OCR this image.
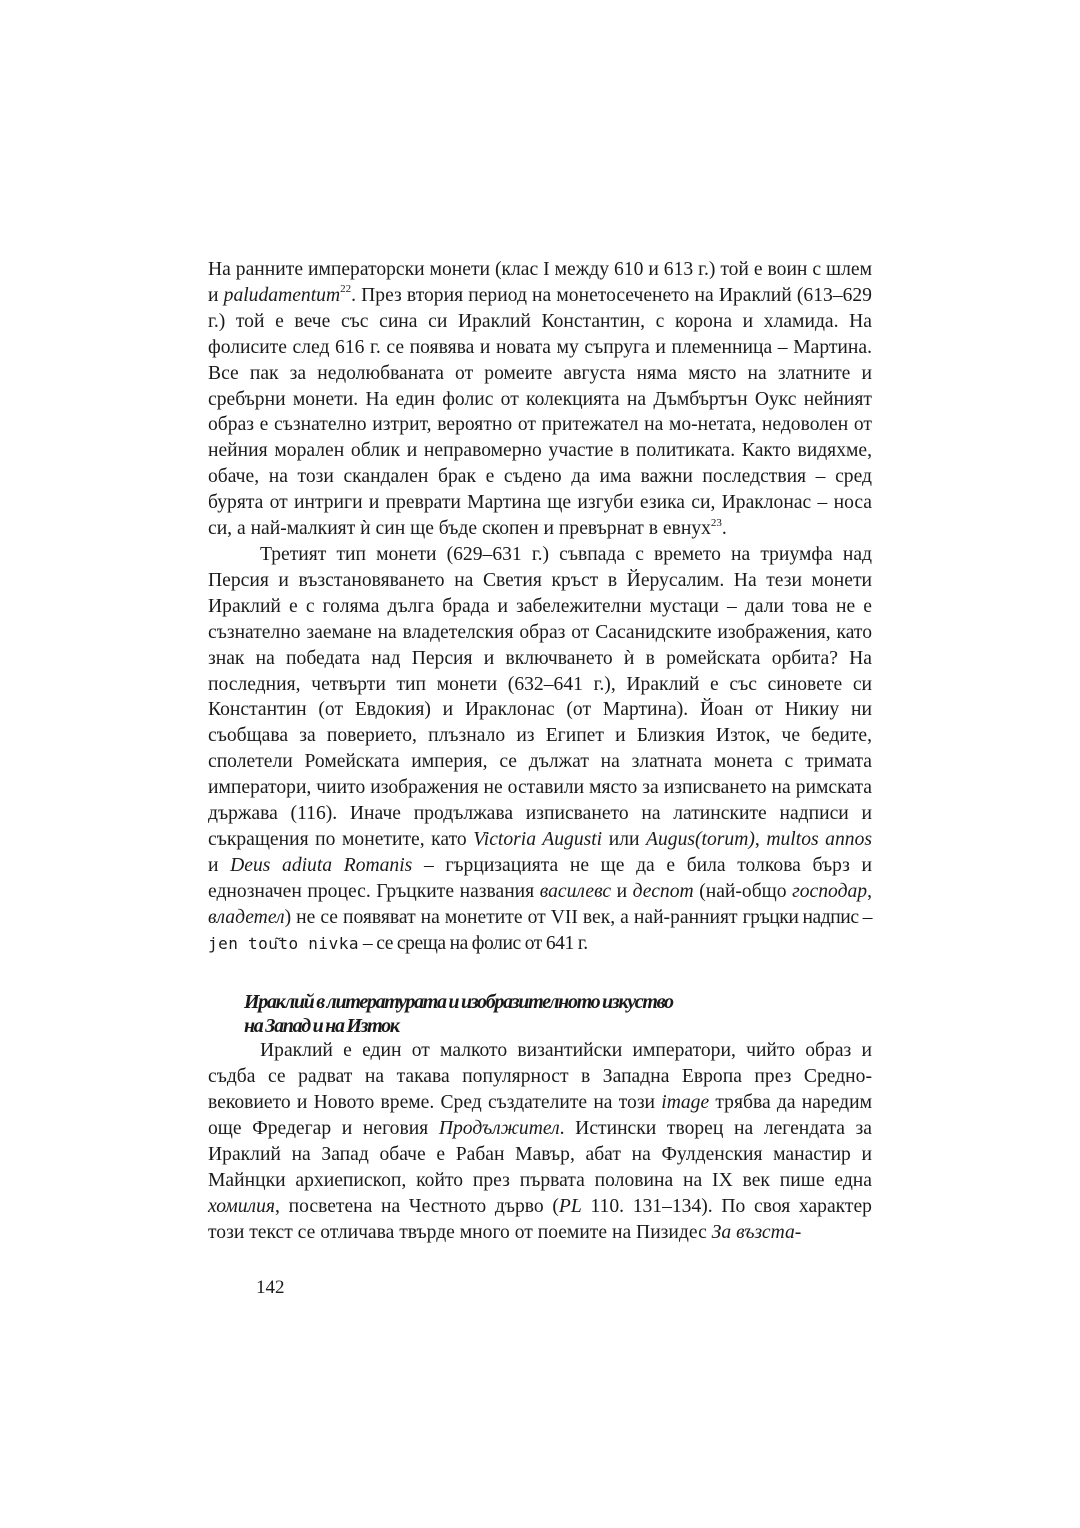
На ранните императорски монети (клас I между 610 и 613 г.) той е воин с шлем и paludamentum$^{22}$. През втория период на монетосеченето на Ираклий (613–629 г.) той е вече със сина си Ираклий Константин, с корона и хламида. На фолисите след 616 г. се появява и новата му съпруга и племенница – Мартина. Все пак за недолюбваната от ромеите августа няма място на златните и сребърни монети. На един фолис от колекцията на Дъмбъртън Оукс нейният образ е съзнателно изтрит, вероятно от притежател на мо-нетата, недоволен от нейния морален облик и неправомерно участие в политиката. Както видяхме, обаче, на този скандален брак е съдено да има важни последствия – сред бурята от интриги и преврати Мартина ще изгуби езика си, Ираклонас – носа си, а най-малкият ѝ син ще бъде скопен и превърнат в евнух$^{23}$.

Третият тип монети (629–631 г.) съвпада с времето на триумфа над Персия и възстановяването на Светия кръст в Йерусалим. На тези монети Ираклий е с голяма дълга брада и забележителни мустаци – дали това не е съзнателно заемане на владетелския образ от Сасанидските изображения, като знак на победата над Персия и включването ѝ в ромейската орбита? На последния, четвърти тип монети (632–641 г.), Ираклий е със синовете си Константин (от Евдокия) и Ираклонас (от Мартина). Йоан от Никиу ни съобщава за поверието, плъзнало из Египет и Близкия Изток, че бедите, сполетели Ромейската империя, се дължат на златната монета с тримата императори, чиито изображения не оставили място за изписването на римската държава (116). Иначе продължава изписването на латинските надписи и съкращения по монетите, като Victoria Augusti или Augus(torum), multos annos и Deus adiuta Romanis – гърцизацията не ще да е била толкова бърз и еднозначен процес. Гръцките названия василевс и деспот (най-общо господар, владетел) не се появяват на монетите от VII век, а най-ранният гръцки надпис – jen tou͂to nivka – се среща на фолис от 641 г.

Ираклий в литературата и изобразителното изкуство
на Запад и на Изток

Ираклий е един от малкото византийски императори, чийто образ и съдба се радват на такава популярност в Западна Европа през Средно-вековието и Новото време. Сред създателите на този image трябва да наредим още Фредегар и неговия Продължител. Истински творец на легендата за Ираклий на Запад обаче е Рабан Мавър, абат на Фулденския манастир и Майнцки архиепископ, който през първата половина на IX век пише една хомилия, посветена на Честното дърво (PL 110. 131–134). По своя характер този текст се отличава твърде много от поемите на Пизидес За възста-

142
